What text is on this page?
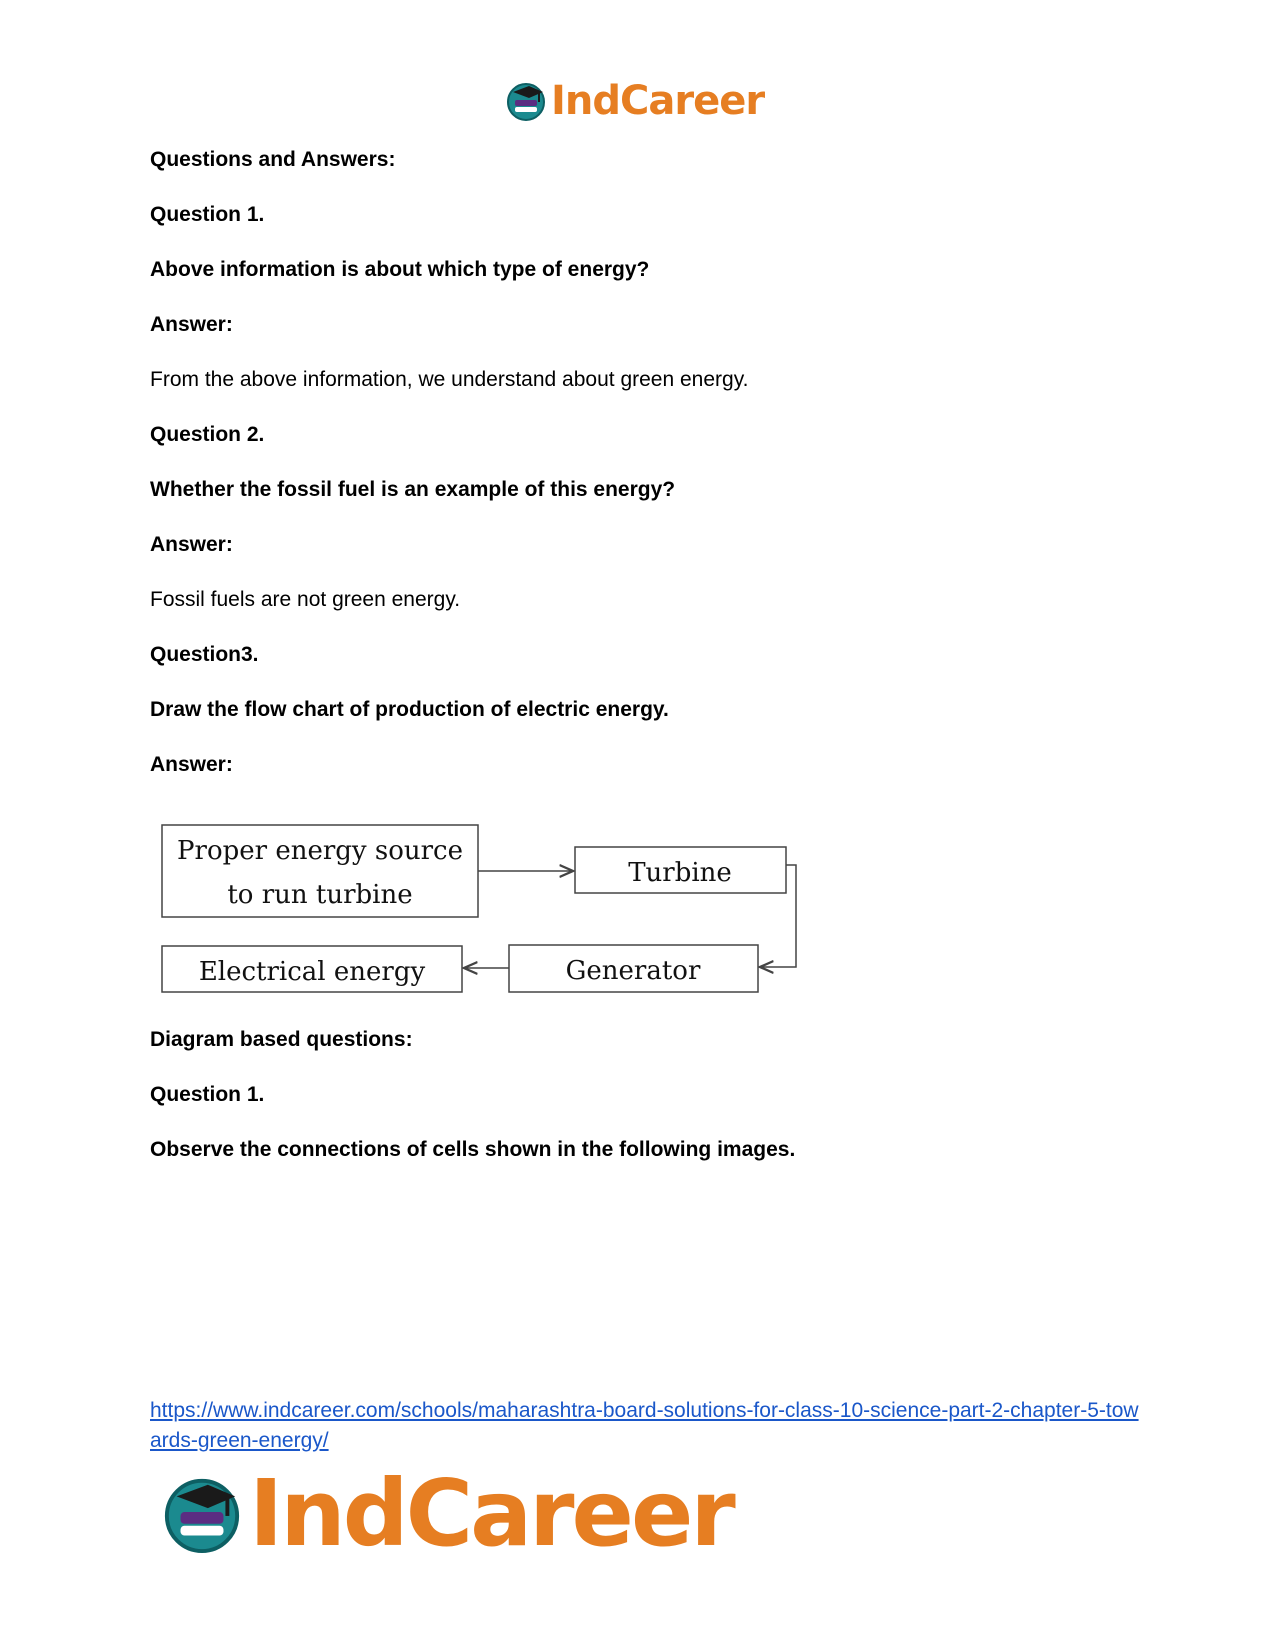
IndCareer

Questions and Answers:

Question 1.

Above information is about which type of energy?

Answer:

From the above information, we understand about green energy.

Question 2.

Whether the fossil fuel is an example of this energy?

Answer:

Fossil fuels are not green energy.

Question3.

Draw the flow chart of production of electric energy.

Answer:

Proper energy source
to run turbine
Turbine
Generator
Electrical energy

Diagram based questions:

Question 1.

Observe the connections of cells shown in the following images.

https://www.indcareer.com/schools/maharashtra-board-solutions-for-class-10-science-part-2-chapter-5-towards-green-energy/
IndCareer
